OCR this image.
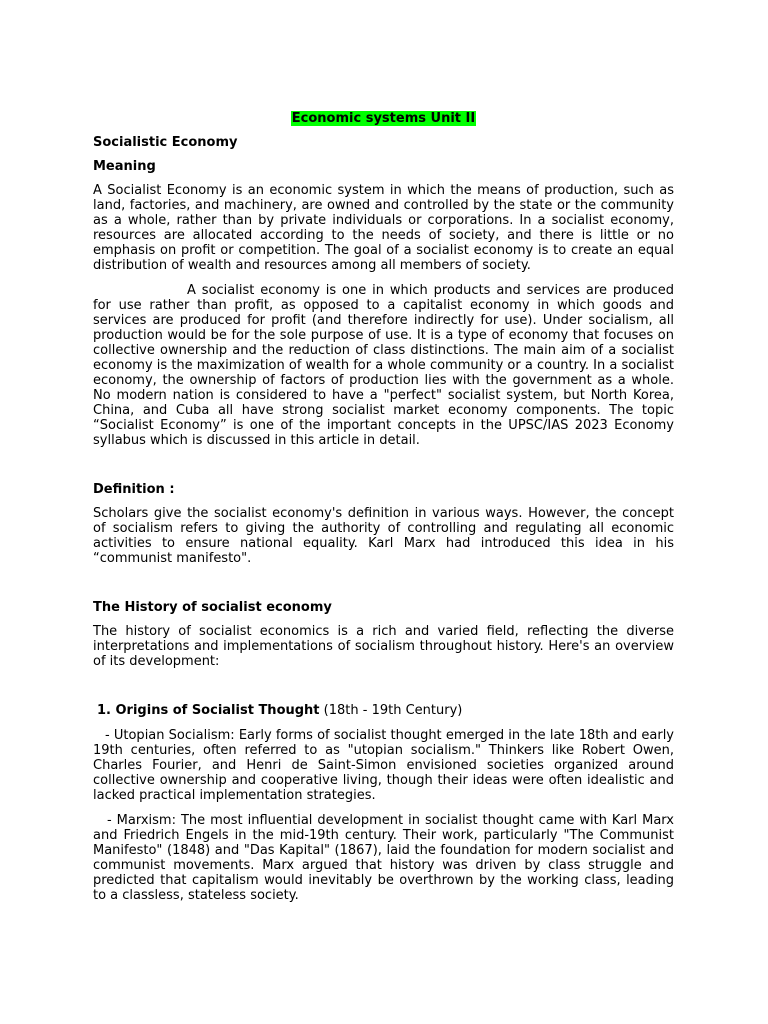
Economic systems Unit II
Socialistic Economy
Meaning

A Socialist Economy is an economic system in which the means of production, such as land, factories, and machinery, are owned and controlled by the state or the community as a whole, rather than by private individuals or corporations. In a socialist economy, resources are allocated according to the needs of society, and there is little or no emphasis on profit or competition. The goal of a socialist economy is to create an equal distribution of wealth and resources among all members of society.

A socialist economy is one in which products and services are produced for use rather than profit, as opposed to a capitalist economy in which goods and services are produced for profit (and therefore indirectly for use). Under socialism, all production would be for the sole purpose of use. It is a type of economy that focuses on collective ownership and the reduction of class distinctions. The main aim of a socialist economy is the maximization of wealth for a whole community or a country. In a socialist economy, the ownership of factors of production lies with the government as a whole. No modern nation is considered to have a "perfect" socialist system, but North Korea, China, and Cuba all have strong socialist market economy components. The topic “Socialist Economy” is one of the important concepts in the UPSC/IAS 2023 Economy syllabus which is discussed in this article in detail.

Definition :

Scholars give the socialist economy's definition in various ways. However, the concept of socialism refers to giving the authority of controlling and regulating all economic activities to ensure national equality. Karl Marx had introduced this idea in his “communist manifesto".

The History of socialist economy

The history of socialist economics is a rich and varied field, reflecting the diverse interpretations and implementations of socialism throughout history. Here's an overview of its development:

1. Origins of Socialist Thought (18th - 19th Century)

- Utopian Socialism: Early forms of socialist thought emerged in the late 18th and early 19th centuries, often referred to as "utopian socialism." Thinkers like Robert Owen, Charles Fourier, and Henri de Saint-Simon envisioned societies organized around collective ownership and cooperative living, though their ideas were often idealistic and lacked practical implementation strategies.

- Marxism: The most influential development in socialist thought came with Karl Marx and Friedrich Engels in the mid-19th century. Their work, particularly "The Communist Manifesto" (1848) and "Das Kapital" (1867), laid the foundation for modern socialist and communist movements. Marx argued that history was driven by class struggle and predicted that capitalism would inevitably be overthrown by the working class, leading to a classless, stateless society.
